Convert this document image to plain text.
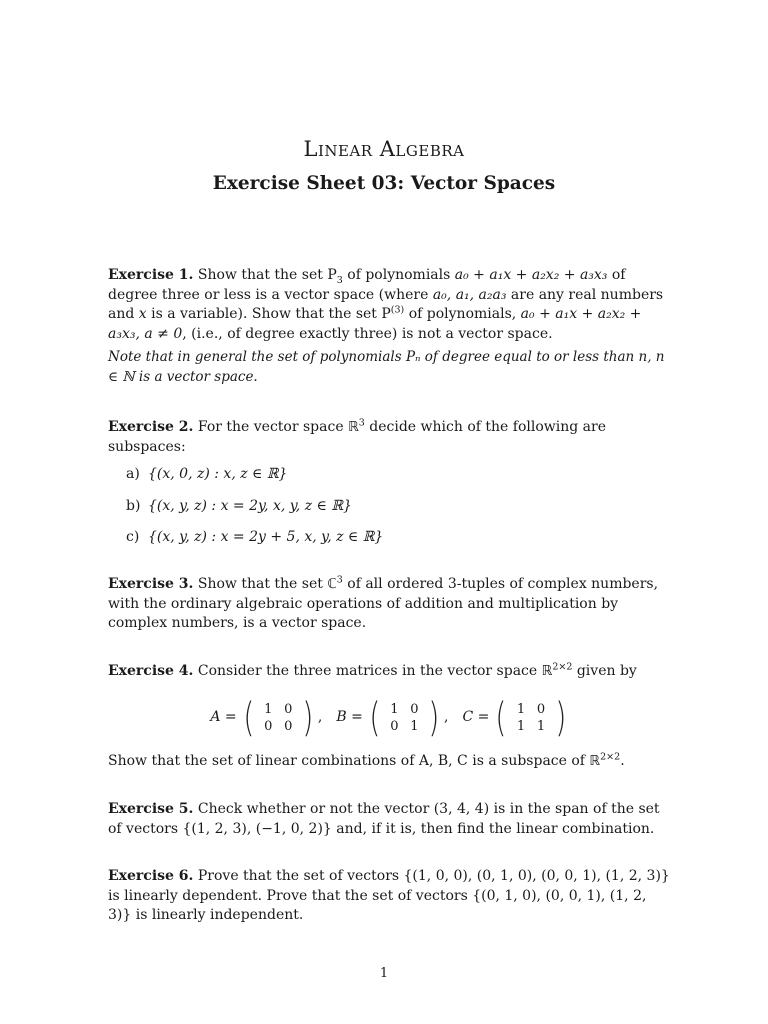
Linear Algebra
Exercise Sheet 03: Vector Spaces

Exercise 1. Show that the set $P_3$ of polynomials a₀ + a₁x + a₂x₂ + a₃x₃ of degree three or less is a vector space (where a₀, a₁, a₂a₃ are any real numbers and x is a variable). Show that the set $P^{(3)}$ of polynomials, a₀ + a₁x + a₂x₂ + a₃x₃, a ≠ 0, (i.e., of degree exactly three) is not a vector space.

Note that in general the set of polynomials Pₙ of degree equal to or less than n, n ∈ ℕ is a vector space.

Exercise 2. For the vector space ℝ$^3$ decide which of the following are subspaces:

a) {(x, 0, z) : x, z ∈ ℝ}
b) {(x, y, z) : x = 2y, x, y, z ∈ ℝ}
c) {(x, y, z) : x = 2y + 5, x, y, z ∈ ℝ}

Exercise 3. Show that the set ℂ$^3$ of all ordered 3-tuples of complex numbers, with the ordinary algebraic operations of addition and multiplication by complex numbers, is a vector space.

Exercise 4. Consider the three matrices in the vector space ℝ$^{2\times 2}$ given by

A = ( 1 0
0 0 ) , B = ( 1 0
0 1 ) , C = ( 1 0
1 1 )

Show that the set of linear combinations of A, B, C is a subspace of ℝ$^{2\times 2}$.

Exercise 5. Check whether or not the vector (3, 4, 4) is in the span of the set of vectors {(1, 2, 3), (−1, 0, 2)} and, if it is, then find the linear combination.

Exercise 6. Prove that the set of vectors {(1, 0, 0), (0, 1, 0), (0, 0, 1), (1, 2, 3)} is linearly dependent. Prove that the set of vectors {(0, 1, 0), (0, 0, 1), (1, 2, 3)} is linearly independent.

1
